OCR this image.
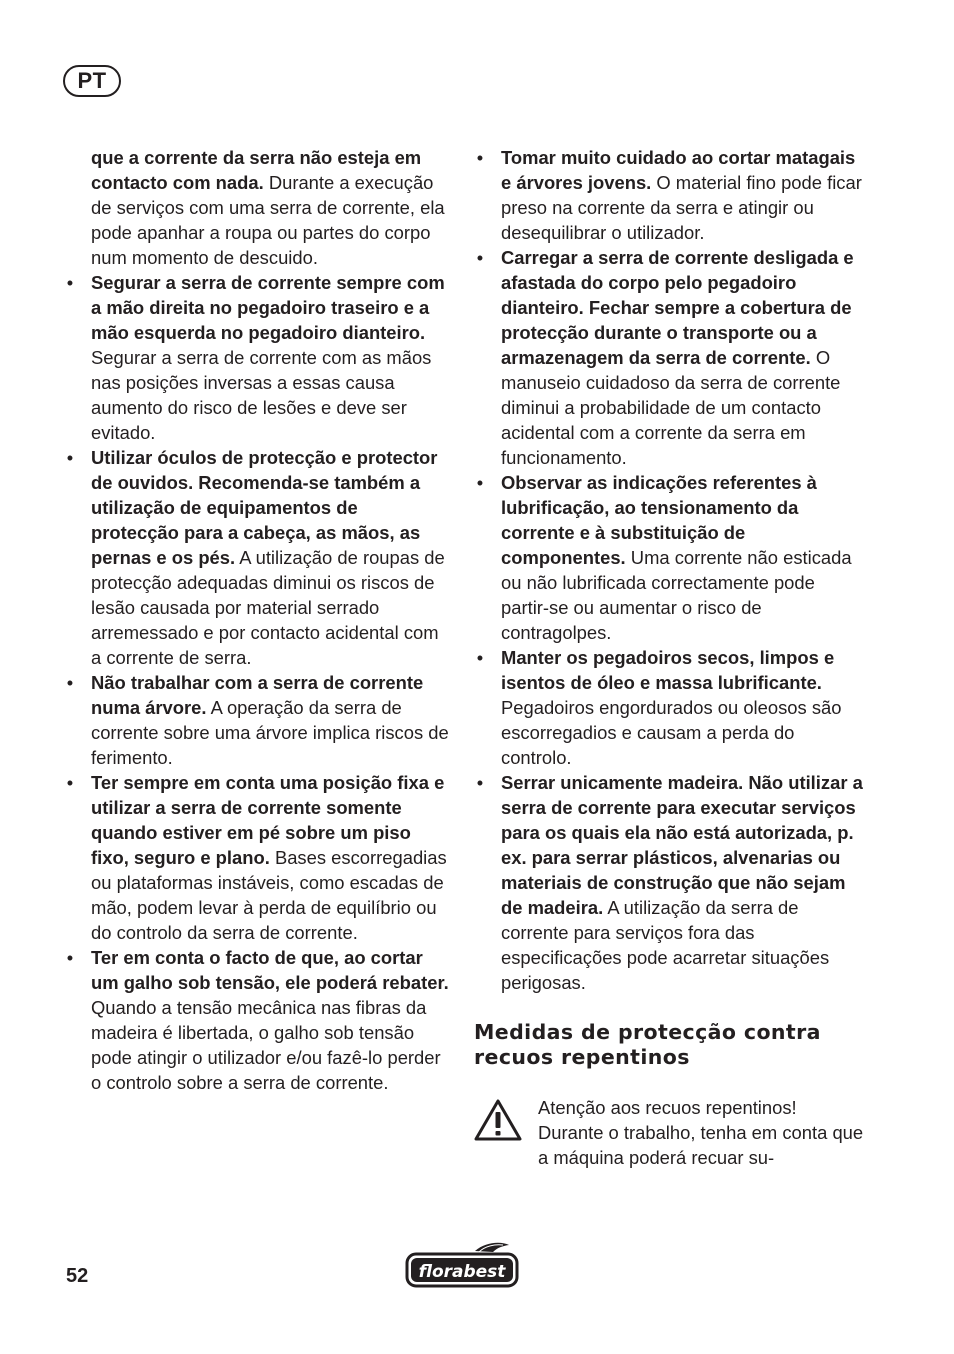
PT
que a corrente da serra não esteja em contacto com nada. Durante a execução de serviços com uma serra de corrente, ela pode apanhar a roupa ou partes do corpo num momento de descuido.
• Segurar a serra de corrente sempre com a mão direita no pegadoiro traseiro e a mão esquerda no pegadoiro dianteiro. Segurar a serra de corrente com as mãos nas posições inversas a essas causa aumento do risco de lesões e deve ser evitado.
• Utilizar óculos de protecção e protector de ouvidos. Recomenda-se também a utilização de equipamentos de protecção para a cabeça, as mãos, as pernas e os pés. A utilização de roupas de protecção adequadas diminui os riscos de lesão causada por material serrado arremessado e por contacto acidental com a corrente de serra.
• Não trabalhar com a serra de corrente numa árvore. A operação da serra de corrente sobre uma árvore implica riscos de ferimento.
• Ter sempre em conta uma posição fixa e utilizar a serra de corrente somente quando estiver em pé sobre um piso fixo, seguro e plano. Bases escorregadias ou plataformas instáveis, como escadas de mão, podem levar à perda de equilíbrio ou do controlo da serra de corrente.
• Ter em conta o facto de que, ao cortar um galho sob tensão, ele poderá rebater. Quando a tensão mecânica nas fibras da madeira é libertada, o galho sob tensão pode atingir o utilizador e/ou fazê-lo perder o controlo sobre a serra de corrente.
• Tomar muito cuidado ao cortar matagais e árvores jovens. O material fino pode ficar preso na corrente da serra e atingir ou desequilibrar o utilizador.
• Carregar a serra de corrente desligada e afastada do corpo pelo pegadoiro dianteiro. Fechar sempre a cobertura de protecção durante o transporte ou a armazenagem da serra de corrente. O manuseio cuidadoso da serra de corrente diminui a probabilidade de um contacto acidental com a corrente da serra em funcionamento.
• Observar as indicações referentes à lubrificação, ao tensionamento da corrente e à substituição de componentes. Uma corrente não esticada ou não lubrificada correctamente pode partir-se ou aumentar o risco de contragolpes.
• Manter os pegadoiros secos, limpos e isentos de óleo e massa lubrificante. Pegadoiros engordurados ou oleosos são escorregadios e causam a perda do controlo.
• Serrar unicamente madeira. Não utilizar a serra de corrente para executar serviços para os quais ela não está autorizada, p. ex. para serrar plásticos, alvenarias ou materiais de construção que não sejam de madeira. A utilização da serra de corrente para serviços fora das especificações pode acarretar situações perigosas.
Medidas de protecção contra recuos repentinos
Atenção aos recuos repentinos! Durante o trabalho, tenha em conta que a máquina poderá recuar su-
52	florabest
